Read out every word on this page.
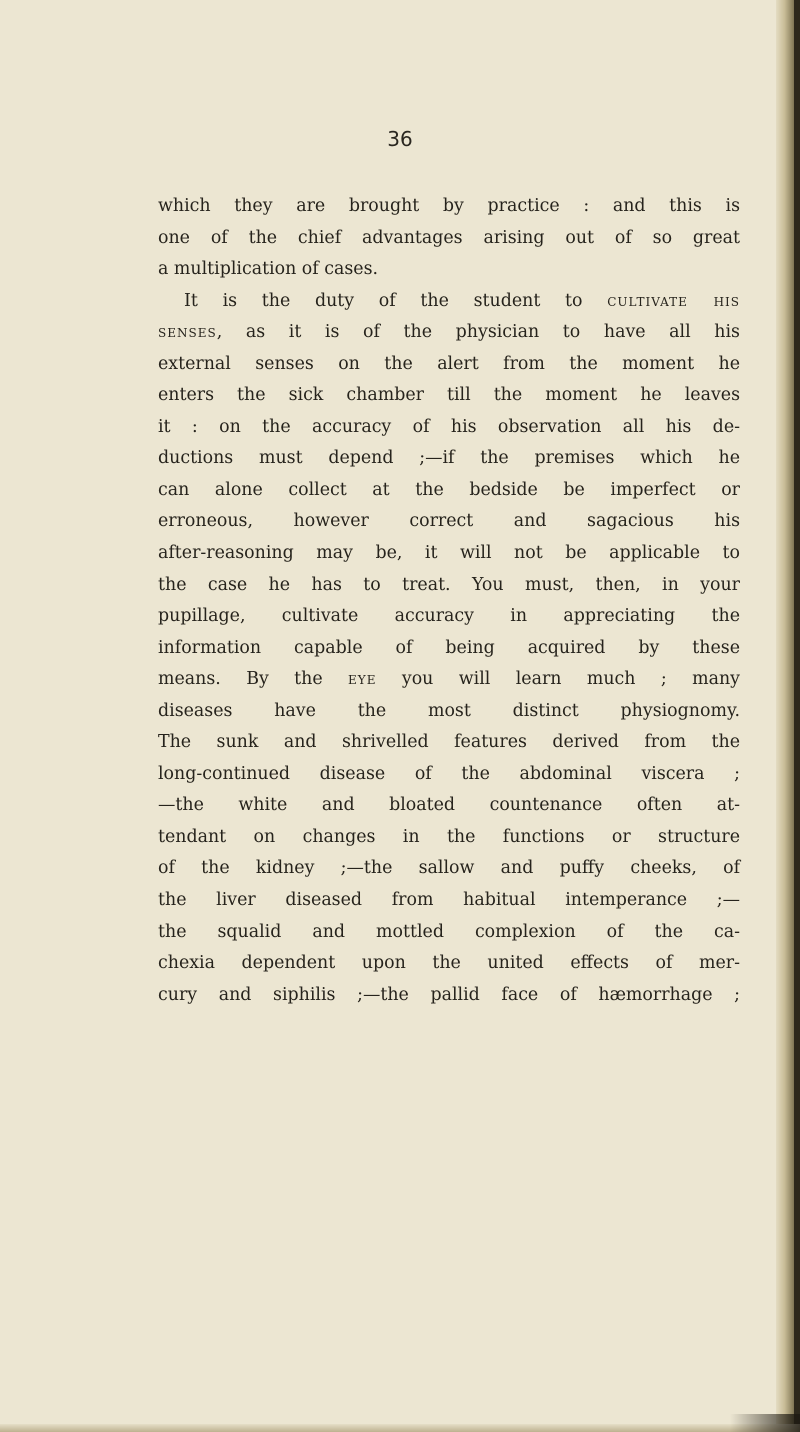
36
which they are brought by practice : and this is
one of the chief advantages arising out of so great
a multiplication of cases.
It is the duty of the student to cultivate his
senses, as it is of the physician to have all his
external senses on the alert from the moment he
enters the sick chamber till the moment he leaves
it : on the accuracy of his observation all his de-
ductions must depend ;—if the premises which he
can alone collect at the bedside be imperfect or
erroneous, however correct and sagacious his
after-reasoning may be, it will not be applicable to
the case he has to treat. You must, then, in your
pupillage, cultivate accuracy in appreciating the
information capable of being acquired by these
means. By the eye you will learn much ; many
diseases have the most distinct physiognomy.
The sunk and shrivelled features derived from the
long-continued disease of the abdominal viscera ;
—the white and bloated countenance often at-
tendant on changes in the functions or structure
of the kidney ;—the sallow and puffy cheeks, of
the liver diseased from habitual intemperance ;—
the squalid and mottled complexion of the ca-
chexia dependent upon the united effects of mer-
cury and siphilis ;—the pallid face of hæmorrhage ;
